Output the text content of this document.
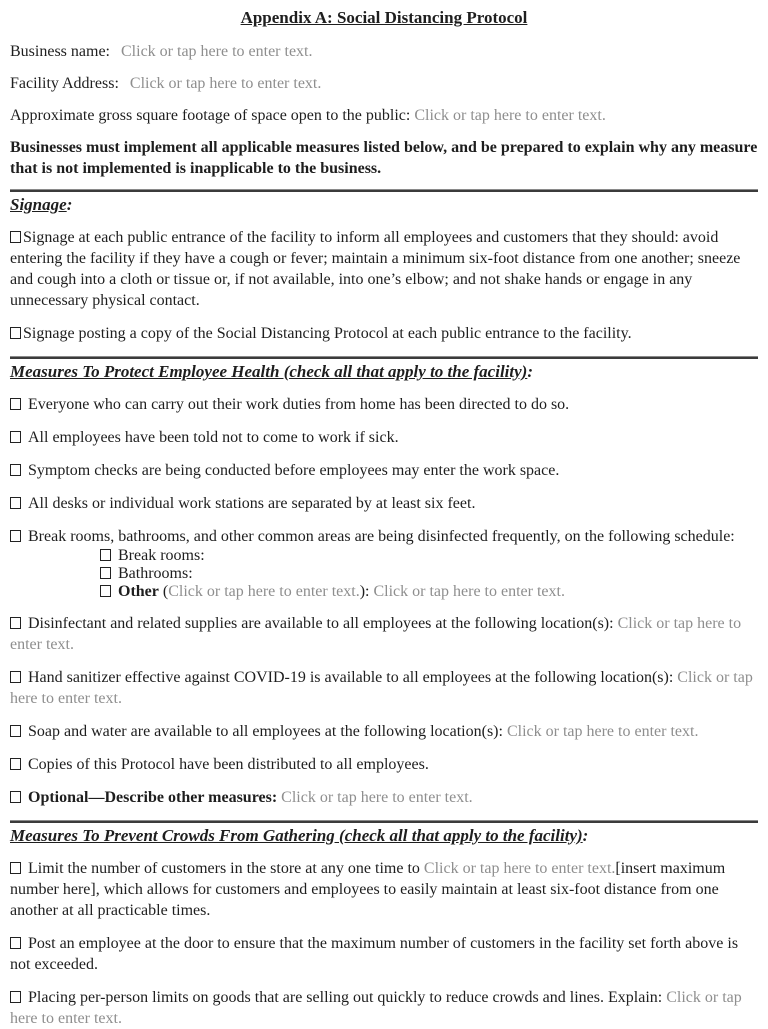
Appendix A: Social Distancing Protocol

Business name: Click or tap here to enter text.

Facility Address: Click or tap here to enter text.

Approximate gross square footage of space open to the public: Click or tap here to enter text.

Businesses must implement all applicable measures listed below, and be prepared to explain why any measure that is not implemented is inapplicable to the business.

Signage:

Signage at each public entrance of the facility to inform all employees and customers that they should: avoid entering the facility if they have a cough or fever; maintain a minimum six-foot distance from one another; sneeze and cough into a cloth or tissue or, if not available, into one’s elbow; and not shake hands or engage in any unnecessary physical contact.

Signage posting a copy of the Social Distancing Protocol at each public entrance to the facility.

Measures To Protect Employee Health (check all that apply to the facility):

Everyone who can carry out their work duties from home has been directed to do so.

All employees have been told not to come to work if sick.

Symptom checks are being conducted before employees may enter the work space.

All desks or individual work stations are separated by at least six feet.

Break rooms, bathrooms, and other common areas are being disinfected frequently, on the following schedule:

Break rooms:
Bathrooms:
Other (Click or tap here to enter text.): Click or tap here to enter text.

Disinfectant and related supplies are available to all employees at the following location(s): Click or tap here to enter text.

Hand sanitizer effective against COVID-19 is available to all employees at the following location(s): Click or tap here to enter text.

Soap and water are available to all employees at the following location(s): Click or tap here to enter text.

Copies of this Protocol have been distributed to all employees.

Optional—Describe other measures: Click or tap here to enter text.

Measures To Prevent Crowds From Gathering (check all that apply to the facility):

Limit the number of customers in the store at any one time to Click or tap here to enter text.[insert maximum number here], which allows for customers and employees to easily maintain at least six-foot distance from one another at all practicable times.

Post an employee at the door to ensure that the maximum number of customers in the facility set forth above is not exceeded.

Placing per-person limits on goods that are selling out quickly to reduce crowds and lines. Explain: Click or tap here to enter text.
